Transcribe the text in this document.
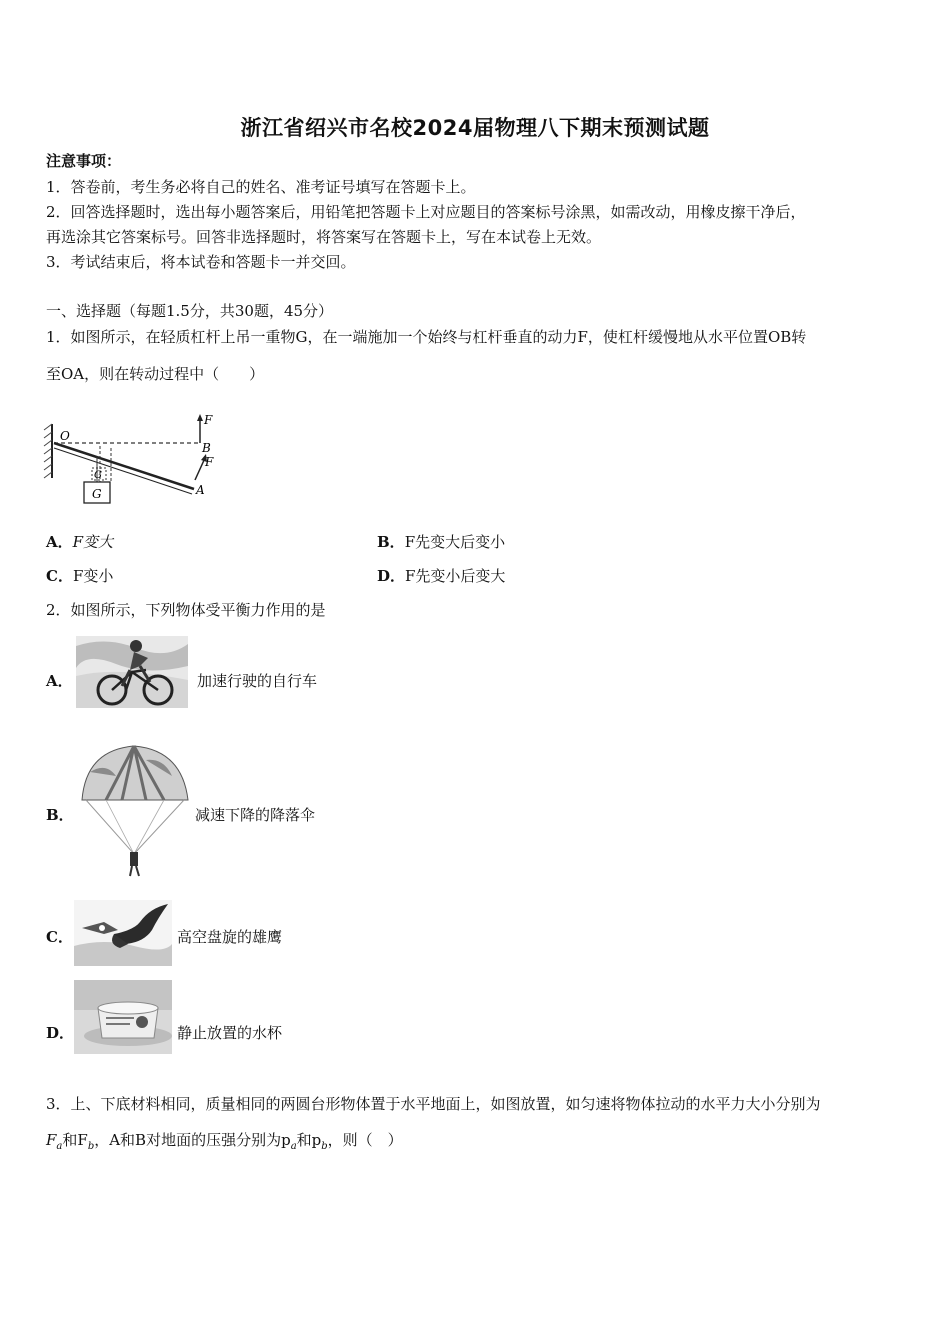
浙江省绍兴市名校2024届物理八下期末预测试题
注意事项：
1．答卷前，考生务必将自己的姓名、准考证号填写在答题卡上。
2．回答选择题时，选出每小题答案后，用铅笔把答题卡上对应题目的答案标号涂黑，如需改动，用橡皮擦干净后，
再选涂其它答案标号。回答非选择题时，将答案写在答题卡上，写在本试卷上无效。
3．考试结束后，将本试卷和答题卡一并交回。
一、选择题（每题1.5分，共30题，45分）
1．如图所示，在轻质杠杆上吊一重物G，在一端施加一个始终与杠杆垂直的动力F，使杠杆缓慢地从水平位置OB转
至OA，则在转动过程中（　　）
O
F
B
F
A
G
G
A．F变大	B．F先变大后变小
C．F变小	D．F先变小后变大
2．如图所示，下列物体受平衡力作用的是
A．	加速行驶的自行车
B．	减速下降的降落伞
C．	高空盘旋的雄鹰
D．	静止放置的水杯
3．上、下底材料相同，质量相同的两圆台形物体置于水平地面上，如图放置，如匀速将物体拉动的水平力大小分别为
$F_a$和$F_b$，A和B对地面的压强分别为$p_a$和$p_b$，则（　）
